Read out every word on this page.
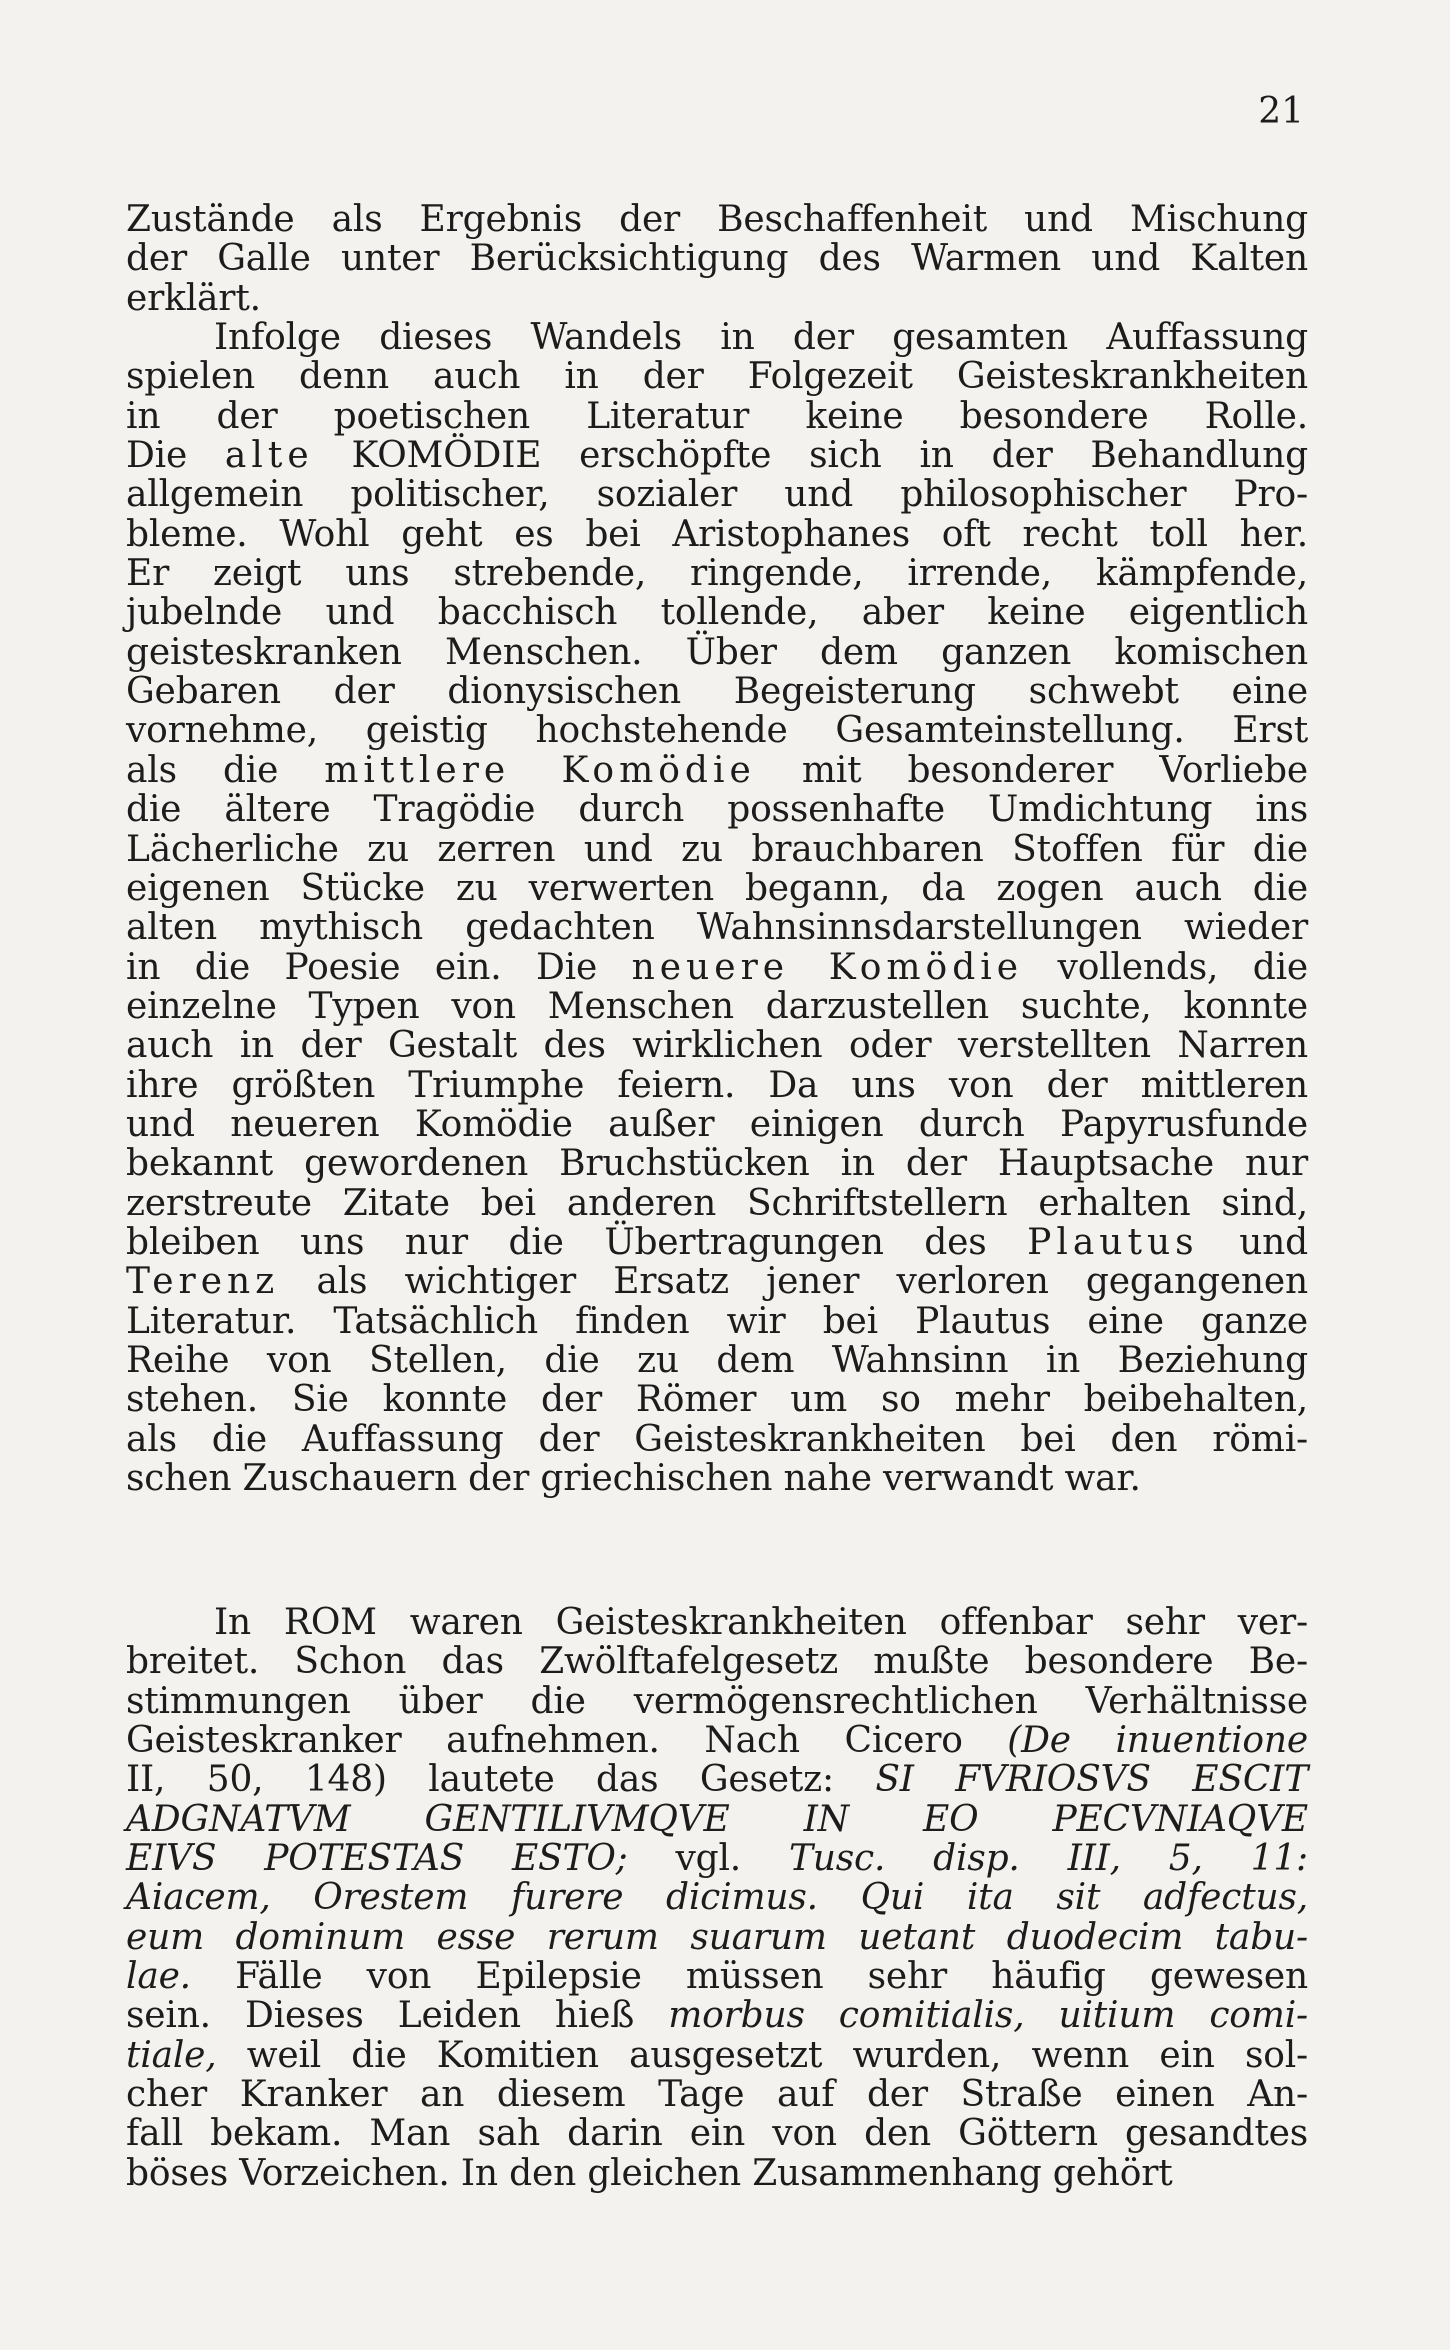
21
Zustände als Ergebnis der Beschaffenheit und Mischung
der Galle unter Berücksichtigung des Warmen und Kalten
erklärt.
Infolge dieses Wandels in der gesamten Auffassung
spielen denn auch in der Folgezeit Geisteskrankheiten
in der poetischen Literatur keine besondere Rolle.
Die alte KOMÖDIE erschöpfte sich in der Behandlung
allgemein politischer, sozialer und philosophischer Pro-
bleme. Wohl geht es bei Aristophanes oft recht toll her.
Er zeigt uns strebende, ringende, irrende, kämpfende,
jubelnde und bacchisch tollende, aber keine eigentlich
geisteskranken Menschen. Über dem ganzen komischen
Gebaren der dionysischen Begeisterung schwebt eine
vornehme, geistig hochstehende Gesamteinstellung. Erst
als die mittlere Komödie mit besonderer Vorliebe
die ältere Tragödie durch possenhafte Umdichtung ins
Lächerliche zu zerren und zu brauchbaren Stoffen für die
eigenen Stücke zu verwerten begann, da zogen auch die
alten mythisch gedachten Wahnsinnsdarstellungen wieder
in die Poesie ein. Die neuere Komödie vollends, die
einzelne Typen von Menschen darzustellen suchte, konnte
auch in der Gestalt des wirklichen oder verstellten Narren
ihre größten Triumphe feiern. Da uns von der mittleren
und neueren Komödie außer einigen durch Papyrusfunde
bekannt gewordenen Bruchstücken in der Hauptsache nur
zerstreute Zitate bei anderen Schriftstellern erhalten sind,
bleiben uns nur die Übertragungen des Plautus und
Terenz als wichtiger Ersatz jener verloren gegangenen
Literatur. Tatsächlich finden wir bei Plautus eine ganze
Reihe von Stellen, die zu dem Wahnsinn in Beziehung
stehen. Sie konnte der Römer um so mehr beibehalten,
als die Auffassung der Geisteskrankheiten bei den römi-
schen Zuschauern der griechischen nahe verwandt war.
In ROM waren Geisteskrankheiten offenbar sehr ver-
breitet. Schon das Zwölftafelgesetz mußte besondere Be-
stimmungen über die vermögensrechtlichen Verhältnisse
Geisteskranker aufnehmen. Nach Cicero (De inuentione
II, 50, 148) lautete das Gesetz: SI FVRIOSVS ESCIT
ADGNATVM GENTILIVMQVE IN EO PECVNIAQVE
EIVS POTESTAS ESTO; vgl. Tusc. disp. III, 5, 11:
Aiacem, Orestem furere dicimus. Qui ita sit adfectus,
eum dominum esse rerum suarum uetant duodecim tabu-
lae. Fälle von Epilepsie müssen sehr häufig gewesen
sein. Dieses Leiden hieß morbus comitialis, uitium comi-
tiale, weil die Komitien ausgesetzt wurden, wenn ein sol-
cher Kranker an diesem Tage auf der Straße einen An-
fall bekam. Man sah darin ein von den Göttern gesandtes
böses Vorzeichen. In den gleichen Zusammenhang gehört
